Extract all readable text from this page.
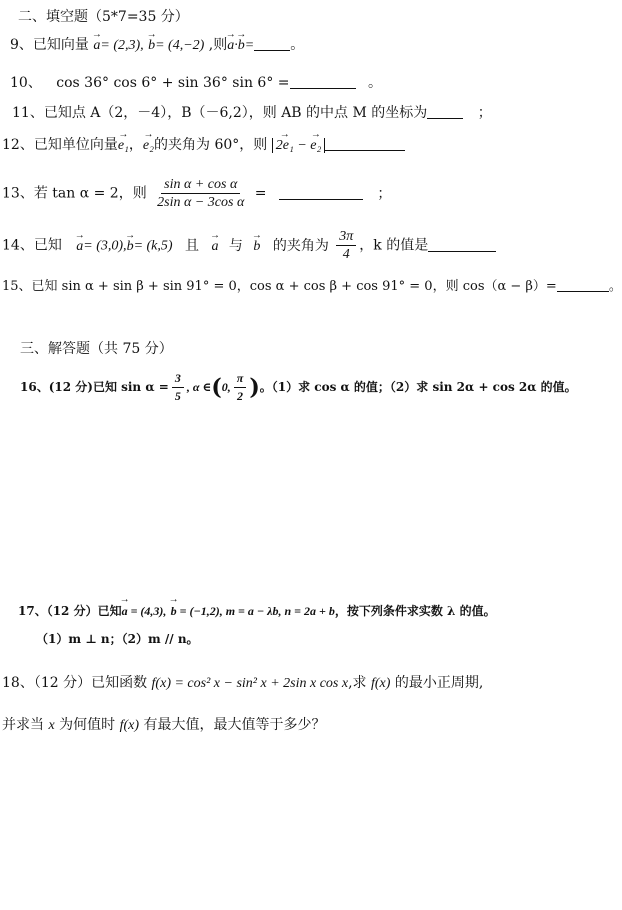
二、填空题（5*7=35 分）
9、已知向量 → a= (2,3), → b= (4,−2) ,则→ a·→ b=	。
10、 cos 36° cos 6° + sin 36° sin 6° =	。
11、已知点 A（2，－4），B（－6,2），则 AB 的中点 M 的坐标为	；
12、已知单位向量→ e₁，→ e₂的夹角为 60°，则 → 2e₁ − → e₂
13、若 tan α = 2，则 $\frac{\text{sin α + cos α}}{\text{2sin α − 3cos α}}$ =	；
14、已知 → a= (3,0),→ b= (k,5) 且 → a 与 → b 的夹角为 $\frac{3\pi}{4}$ ，k 的值是
15、已知 sin α + sin β + sin 91° = 0，cos α + cos β + cos 91° = 0，则 cos（α − β）=	。
三、解答题（共 75 分）
16、(12 分)已知 $\sin \alpha = \frac{3}{5}$ , α ∈(0, $\frac{\pi}{2}$ )。（1）求 cos α 的值；（2）求 sin 2α + cos 2α 的值。
17、（12 分）已知→ a = (4,3), → b = (−1,2), m = a − λb, n = 2a + b，按下列条件求实数 λ 的值。
（1）m ⊥ n；（2）m // n。
18、（12 分）已知函数 f(x) = cos² x − sin² x + 2sin x cos x,求 f(x) 的最小正周期,
并求当 x 为何值时 f(x) 有最大值，最大值等于多少？
